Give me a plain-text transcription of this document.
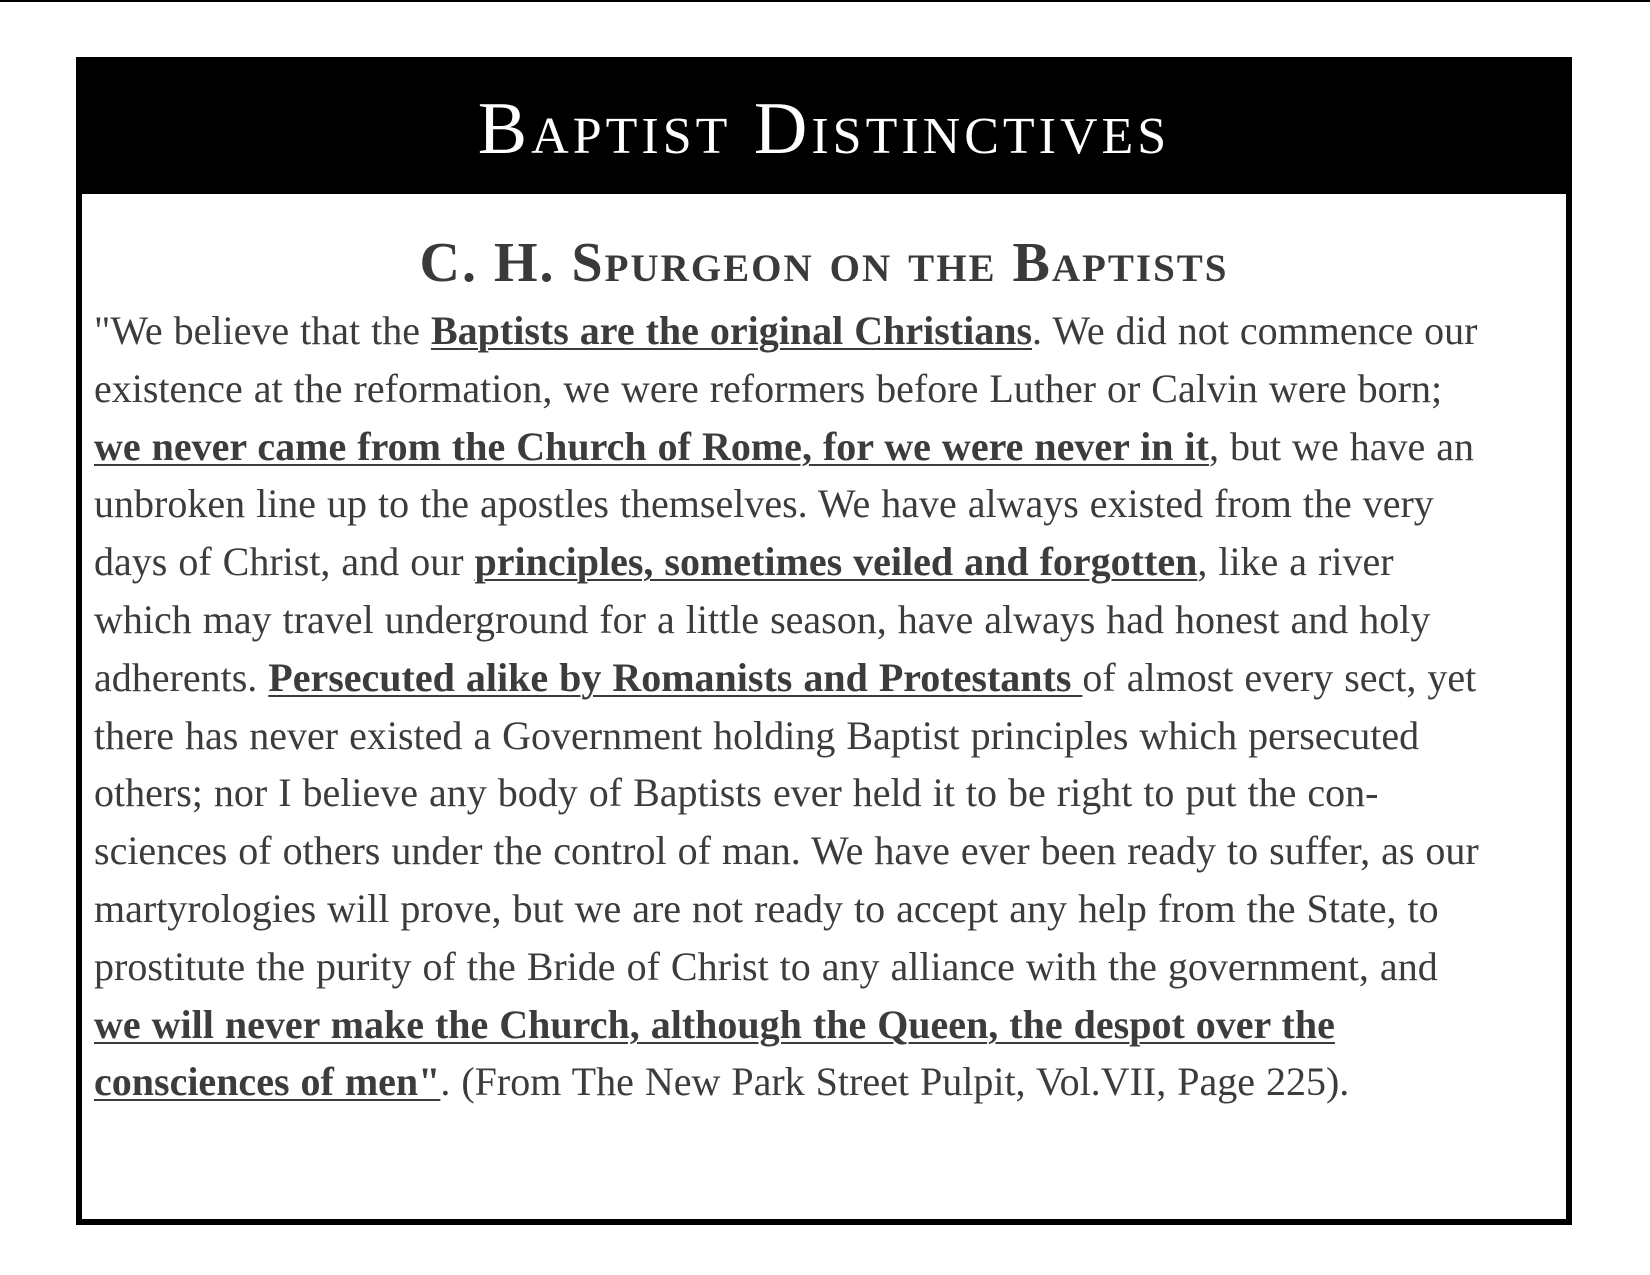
Baptist Distinctives
C. H. Spurgeon on the Baptists

"We believe that the Baptists are the original Christians. We did not commence our
existence at the reformation, we were reformers before Luther or Calvin were born;
we never came from the Church of Rome, for we were never in it, but we have an
unbroken line up to the apostles themselves. We have always existed from the very
days of Christ, and our principles, sometimes veiled and forgotten, like a river
which may travel underground for a little season, have always had honest and holy
adherents. Persecuted alike by Romanists and Protestants of almost every sect, yet
there has never existed a Government holding Baptist principles which persecuted
others; nor I believe any body of Baptists ever held it to be right to put the con-
sciences of others under the control of man. We have ever been ready to suffer, as our
martyrologies will prove, but we are not ready to accept any help from the State, to
prostitute the purity of the Bride of Christ to any alliance with the government, and
we will never make the Church, although the Queen, the despot over the
consciences of men". (From The New Park Street Pulpit, Vol.VII, Page 225).
